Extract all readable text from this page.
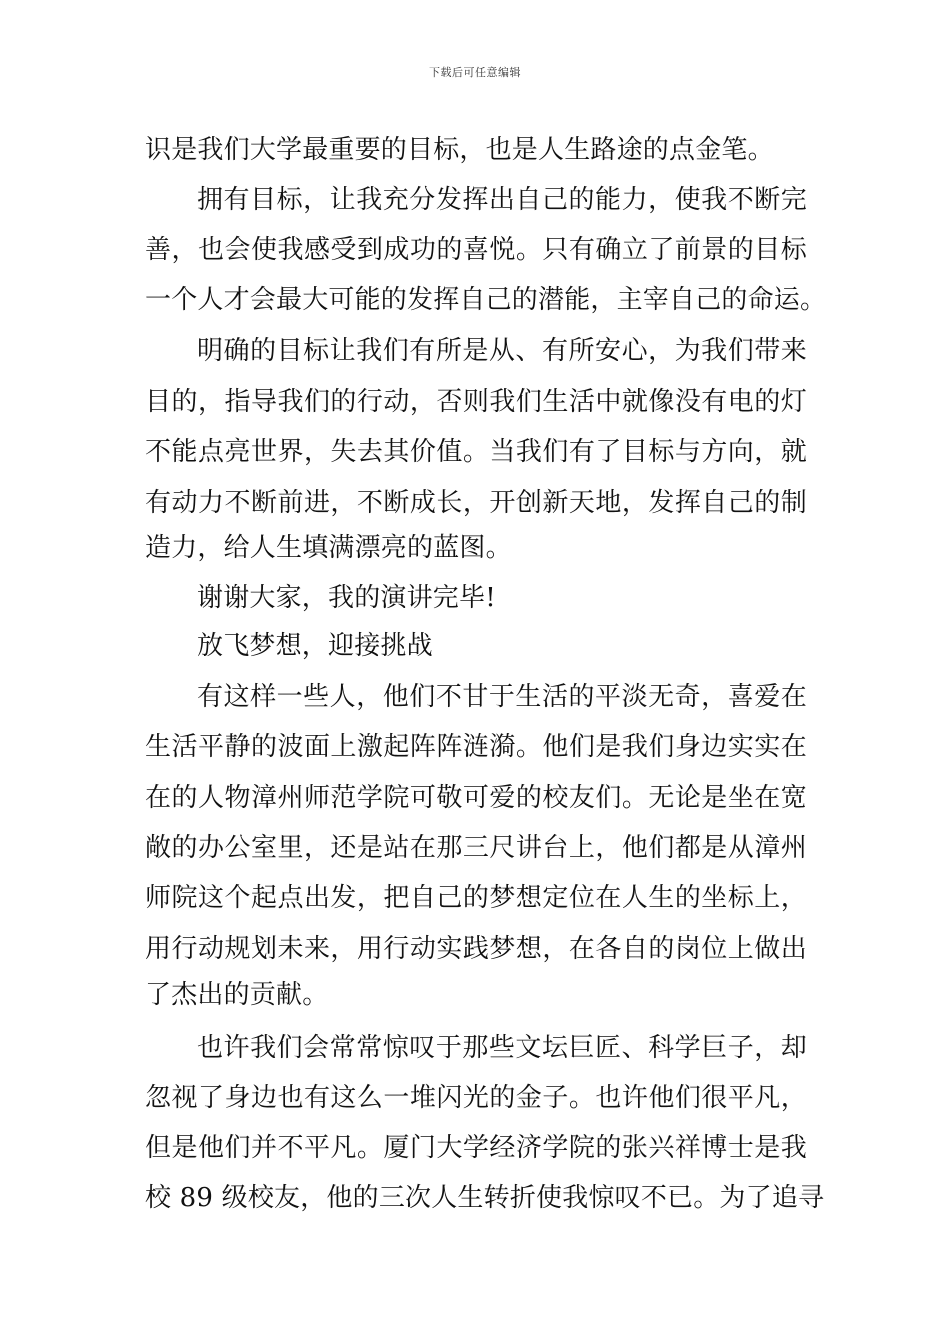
下载后可任意编辑
识是我们大学最重要的目标，也是人生路途的点金笔。
拥有目标，让我充分发挥出自己的能力，使我不断完
善，也会使我感受到成功的喜悦。只有确立了前景的目标
一个人才会最大可能的发挥自己的潜能，主宰自己的命运。
明确的目标让我们有所是从、有所安心，为我们带来
目的，指导我们的行动，否则我们生活中就像没有电的灯
不能点亮世界，失去其价值。当我们有了目标与方向，就
有动力不断前进，不断成长，开创新天地，发挥自己的制
造力，给人生填满漂亮的蓝图。
谢谢大家，我的演讲完毕!
放飞梦想，迎接挑战
有这样一些人，他们不甘于生活的平淡无奇，喜爱在
生活平静的波面上激起阵阵涟漪。他们是我们身边实实在
在的人物漳州师范学院可敬可爱的校友们。无论是坐在宽
敞的办公室里，还是站在那三尺讲台上，他们都是从漳州
师院这个起点出发，把自己的梦想定位在人生的坐标上，
用行动规划未来，用行动实践梦想，在各自的岗位上做出
了杰出的贡献。
也许我们会常常惊叹于那些文坛巨匠、科学巨子，却
忽视了身边也有这么一堆闪光的金子。也许他们很平凡，
但是他们并不平凡。厦门大学经济学院的张兴祥博士是我
校 89 级校友，他的三次人生转折使我惊叹不已。为了追寻
